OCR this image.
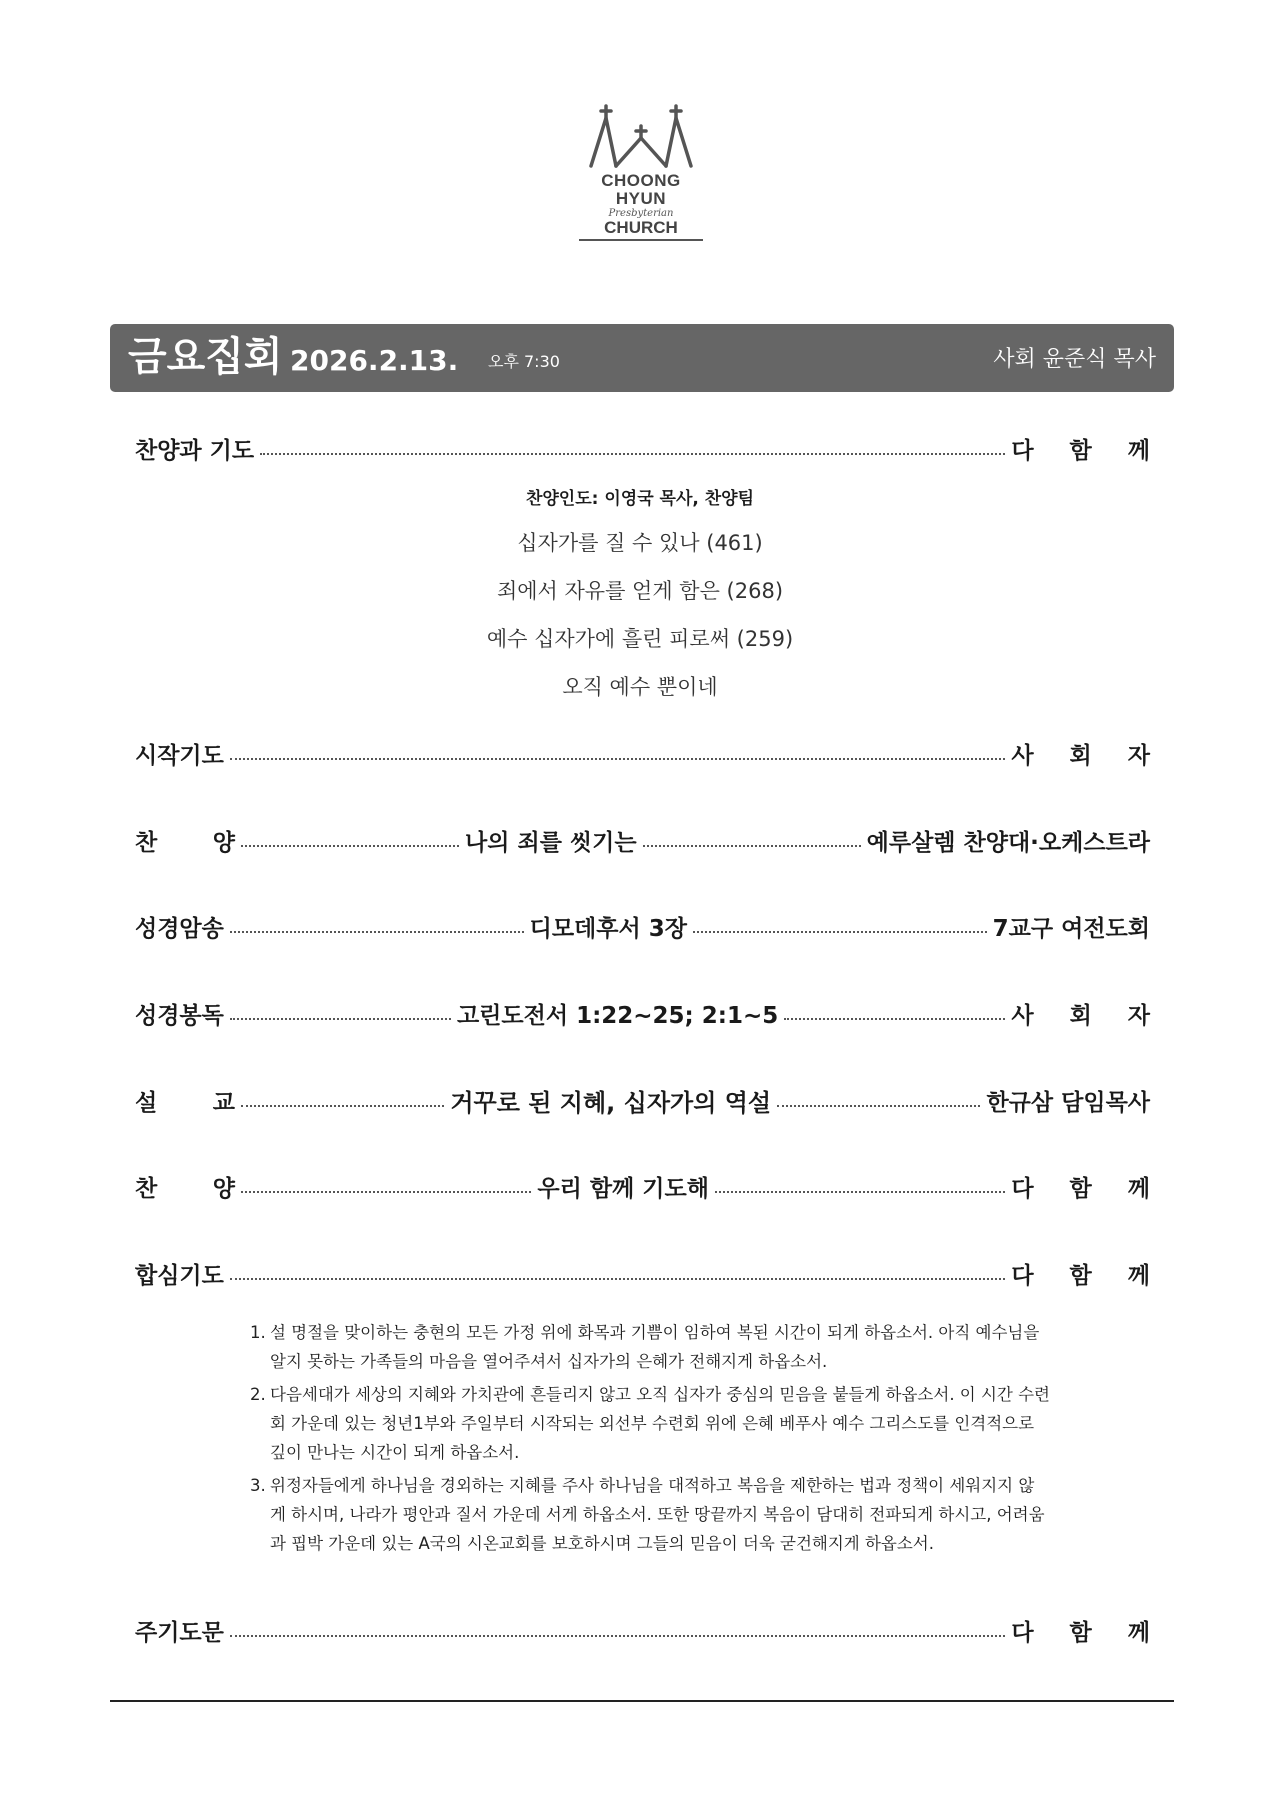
CHOONG HYUN
Presbyterian
CHURCH
금요집회 2026.2.13. 오후 7:30	사회 윤준식 목사
찬양과 기도	다 함 께
찬양인도: 이영국 목사, 찬양팀
십자가를 질 수 있나 (461)
죄에서 자유를 얻게 함은 (268)
예수 십자가에 흘린 피로써 (259)
오직 예수 뿐이네
시작기도	사 회 자
찬 양	나의 죄를 씻기는	예루살렘 찬양대·오케스트라
성경암송	디모데후서 3장	7교구 여전도회
성경봉독	고린도전서 1:22~25; 2:1~5	사 회 자
설 교	거꾸로 된 지혜, 십자가의 역설	한규삼 담임목사
찬 양	우리 함께 기도해	다 함 께
합심기도	다 함 께
1. 설 명절을 맞이하는 충현의 모든 가정 위에 화목과 기쁨이 임하여 복된 시간이 되게 하옵소서. 아직 예수님을 알지 못하는 가족들의 마음을 열어주셔서 십자가의 은혜가 전해지게 하옵소서.
2. 다음세대가 세상의 지혜와 가치관에 흔들리지 않고 오직 십자가 중심의 믿음을 붙들게 하옵소서. 이 시간 수련회 가운데 있는 청년1부와 주일부터 시작되는 외선부 수련회 위에 은혜 베푸사 예수 그리스도를 인격적으로 깊이 만나는 시간이 되게 하옵소서.
3. 위정자들에게 하나님을 경외하는 지혜를 주사 하나님을 대적하고 복음을 제한하는 법과 정책이 세워지지 않게 하시며, 나라가 평안과 질서 가운데 서게 하옵소서. 또한 땅끝까지 복음이 담대히 전파되게 하시고, 어려움과 핍박 가운데 있는 A국의 시온교회를 보호하시며 그들의 믿음이 더욱 굳건해지게 하옵소서.
주기도문	다 함 께
